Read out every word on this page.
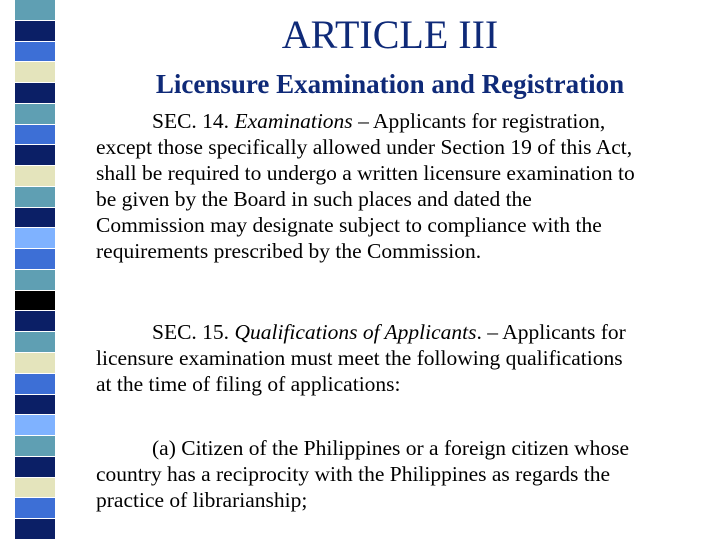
ARTICLE III
Licensure Examination and Registration

SEC. 14. Examinations – Applicants for registration,
except those specifically allowed under Section 19 of this Act,
shall be required to undergo a written licensure examination to
be given by the Board in such places and dated the
Commission may designate subject to compliance with the
requirements prescribed by the Commission.

SEC. 15. Qualifications of Applicants. – Applicants for
licensure examination must meet the following qualifications
at the time of filing of applications:

(a) Citizen of the Philippines or a foreign citizen whose
country has a reciprocity with the Philippines as regards the
practice of librarianship;
